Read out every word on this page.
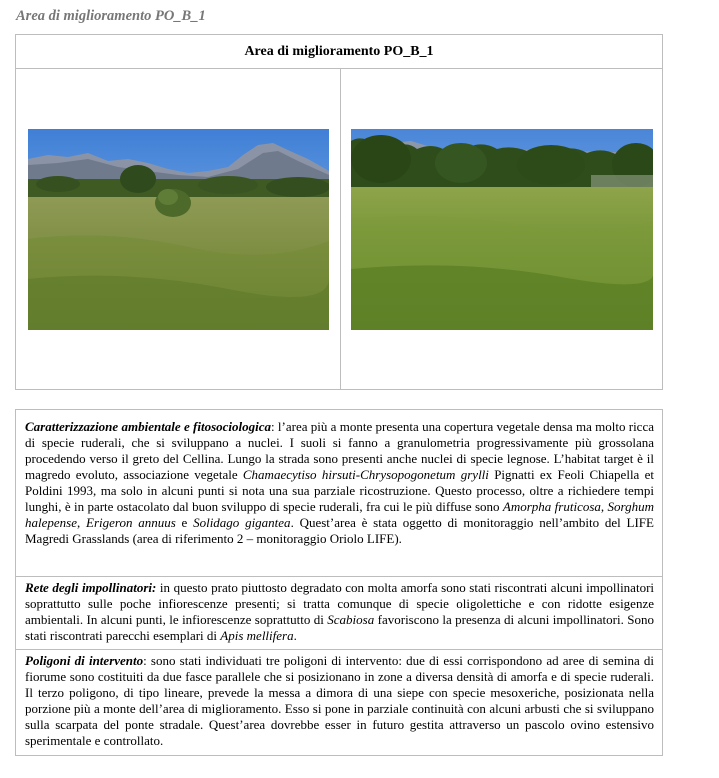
Area di miglioramento PO_B_1
Area di miglioramento PO_B_1
Caratterizzazione ambientale e fitosociologica: l’area più a monte presenta una copertura vegetale densa ma molto ricca di specie ruderali, che si sviluppano a nuclei. I suoli si fanno a granulometria progressivamente più grossolana procedendo verso il greto del Cellina. Lungo la strada sono presenti anche nuclei di specie legnose. L’habitat target è il magredo evoluto, associazione vegetale Chamaecytiso hirsuti-Chrysopogonetum grylli Pignatti ex Feoli Chiapella et Poldini 1993, ma solo in alcuni punti si nota una sua parziale ricostruzione. Questo processo, oltre a richiedere tempi lunghi, è in parte ostacolato dal buon sviluppo di specie ruderali, fra cui le più diffuse sono Amorpha fruticosa, Sorghum halepense, Erigeron annuus e Solidago gigantea. Quest’area è stata oggetto di monitoraggio nell’ambito del LIFE Magredi Grasslands (area di riferimento 2 – monitoraggio Oriolo LIFE).
Rete degli impollinatori: in questo prato piuttosto degradato con molta amorfa sono stati riscontrati alcuni impollinatori soprattutto sulle poche infiorescenze presenti; si tratta comunque di specie oligolettiche e con ridotte esigenze ambientali. In alcuni punti, le infiorescenze soprattutto di Scabiosa favoriscono la presenza di alcuni impollinatori. Sono stati riscontrati parecchi esemplari di Apis mellifera.
Poligoni di intervento: sono stati individuati tre poligoni di intervento: due di essi corrispondono ad aree di semina di fiorume sono costituiti da due fasce parallele che si posizionano in zone a diversa densità di amorfa e di specie ruderali. Il terzo poligono, di tipo lineare, prevede la messa a dimora di una siepe con specie mesoxeriche, posizionata nella porzione più a monte dell’area di miglioramento. Esso si pone in parziale continuità con alcuni arbusti che si sviluppano sulla scarpata del ponte stradale. Quest’area dovrebbe esser in futuro gestita attraverso un pascolo ovino estensivo sperimentale e controllato.
